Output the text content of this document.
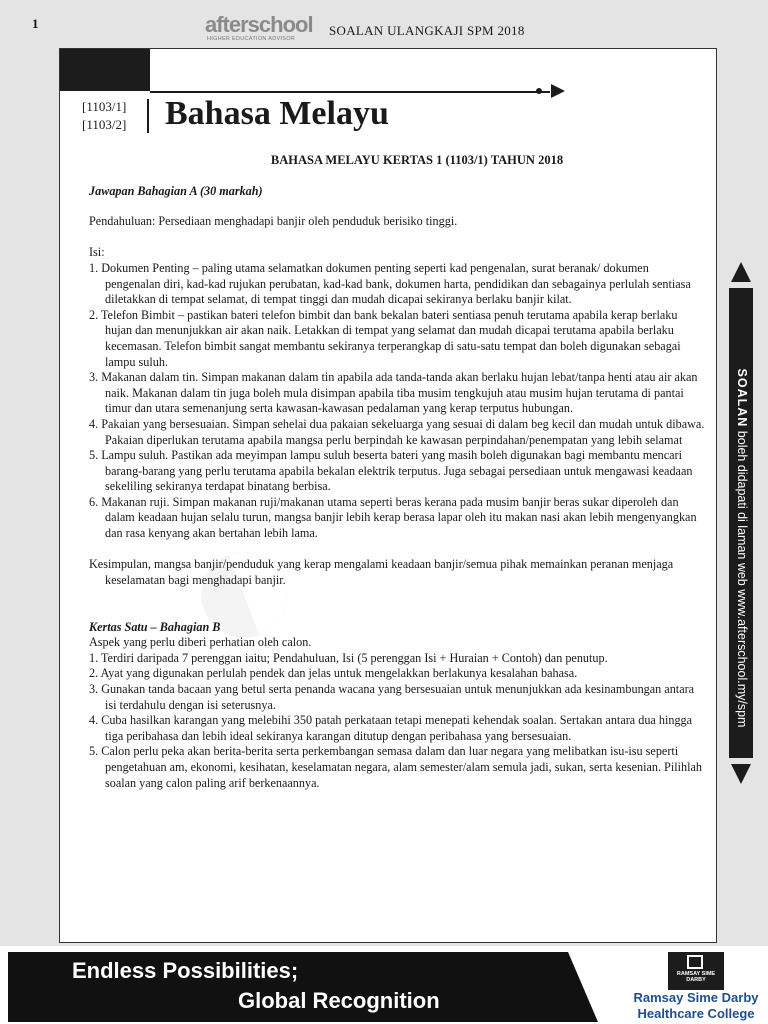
1	afterschool
HIGHER EDUCATION ADVISOR
SOALAN ULANGKAJI SPM 2018
[1103/1]
[1103/2] Bahasa Melayu
BAHASA MELAYU KERTAS 1 (1103/1) TAHUN 2018

Jawapan Bahagian A (30 markah)

Pendahuluan: Persediaan menghadapi banjir oleh penduduk berisiko tinggi.

Isi:

1. Dokumen Penting – paling utama selamatkan dokumen penting seperti kad pengenalan, surat beranak/ dokumen pengenalan diri, kad-kad rujukan perubatan, kad-kad bank, dokumen harta, pendidikan dan sebagainya perlulah sentiasa diletakkan di tempat selamat, di tempat tinggi dan mudah dicapai sekiranya berlaku banjir kilat.

2. Telefon Bimbit – pastikan bateri telefon bimbit dan bank bekalan bateri sentiasa penuh terutama apabila kerap berlaku hujan dan menunjukkan air akan naik. Letakkan di tempat yang selamat dan mudah dicapai terutama apabila berlaku kecemasan. Telefon bimbit sangat membantu sekiranya terperangkap di satu-satu tempat dan boleh digunakan sebagai lampu suluh.

3. Makanan dalam tin. Simpan makanan dalam tin apabila ada tanda-tanda akan berlaku hujan lebat/tanpa henti atau air akan naik. Makanan dalam tin juga boleh mula disimpan apabila tiba musim tengkujuh atau musim hujan terutama di pantai timur dan utara semenanjung serta kawasan-kawasan pedalaman yang kerap terputus hubungan.

4. Pakaian yang bersesuaian. Simpan sehelai dua pakaian sekeluarga yang sesuai di dalam beg kecil dan mudah untuk dibawa. Pakaian diperlukan terutama apabila mangsa perlu berpindah ke kawasan perpindahan/penempatan yang lebih selamat

5. Lampu suluh. Pastikan ada meyimpan lampu suluh beserta bateri yang masih boleh digunakan bagi membantu mencari barang-barang yang perlu terutama apabila bekalan elektrik terputus. Juga sebagai persediaan untuk mengawasi keadaan sekeliling sekiranya terdapat binatang berbisa.

6. Makanan ruji. Simpan makanan ruji/makanan utama seperti beras kerana pada musim banjir beras sukar diperoleh dan dalam keadaan hujan selalu turun, mangsa banjir lebih kerap berasa lapar oleh itu makan nasi akan lebih mengenyangkan dan rasa kenyang akan bertahan lebih lama.

Kesimpulan, mangsa banjir/penduduk yang kerap mengalami keadaan banjir/semua pihak memainkan peranan menjaga keselamatan bagi menghadapi banjir.

Kertas Satu – Bahagian B

Aspek yang perlu diberi perhatian oleh calon.

1. Terdiri daripada 7 perenggan iaitu; Pendahuluan, Isi (5 perenggan Isi + Huraian + Contoh) dan penutup.

2. Ayat yang digunakan perlulah pendek dan jelas untuk mengelakkan berlakunya kesalahan bahasa.

3. Gunakan tanda bacaan yang betul serta penanda wacana yang bersesuaian untuk menunjukkan ada kesinambungan antara isi terdahulu dengan isi seterusnya.

4. Cuba hasilkan karangan yang melebihi 350 patah perkataan tetapi menepati kehendak soalan. Sertakan antara dua hingga tiga peribahasa dan lebih ideal sekiranya karangan ditutup dengan peribahasa yang bersesuaian.

5. Calon perlu peka akan berita-berita serta perkembangan semasa dalam dan luar negara yang melibatkan isu-isu seperti pengetahuan am, ekonomi, kesihatan, keselamatan negara, alam semester/alam semula jadi, sukan, serta kesenian. Pilihlah soalan yang calon paling arif berkenaannya.

SOALAN boleh didapati di laman web www.afterschool.my/spm
Endless Possibilities;
Global Recognition
RAMSAY SIME DARBY
Ramsay Sime Darby
Healthcare College
